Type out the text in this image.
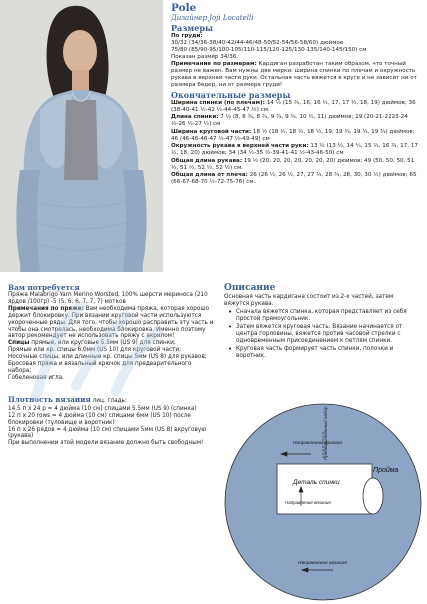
Pole
Дизайнер Joji Locatelli
Размеры

По груди:

30/32 (34/36-38/40-42/44-46/48-50/52-54/56-58/60) дюймов

75/80 (85/90-95/100-105/110-115/120-125/130-135/140-145/150) см

Показан размер 34/36.

Примечание по размерам: Кардиган разработан таким образом, что точный размер не важен. Вам нужны две мерки: ширина спинки по плечам и окружность рукава в верхней части руки. Остальная часть вяжется в круге и не зависит ни от размера бедер, ни от размера груди!

Окончательные размеры

Ширина спинки (по плечам): 14 ½ (15 ¾, 16, 16 ½, 17, 17 ½, 18, 19) дюймов; 36 (38-40-41 ½-42 ½-44-45-47 ½) см.

Длина спинки: 7 ½ (8, 8 ¾, 8 ¾, 9 ¾, 9 ¾, 10 ½, 11) дюймов; 19 (20-21-2223-24 ½-26 ½-27 ½) см

Ширина круговой части: 18 ½ (18 ½, 18 ½, 18 ½, 19, 19 ¾, 19 ¾, 19 ¾) дюймов; 46 (46-46-46-47 ½-47 ½-49-49) см

Окружность рукава в верхней части руки: 13 ½ (13 ½, 14 ¼, 15 ¾, 16 ¾, 17, 17 ½, 18, 20) дюймов; 34 (34 ½-35 ½-39-41-41 ½-43-46-50) см

Общая длина рукава: 19 ½ (20, 20, 20, 20, 20, 20, 20) дюймов; 49 (50, 50, 50, 51 ½, 51 ½, 52 ½, 52 ½) см.

Общая длина от плеча: 26 (26 ½, 26 ½, 27, 27 ¾, 28 ¾, 28, 30, 30 ½) дюймов; 65 (66-67-68-70 ½-72-75-76) см.

Вам потребуется

Пряжа Malabrigo Yarn Merino Worsted, 100% шерсти мериноса (210 ярдов /100гр) -5 (5, 6, 6, 7, 7, 7) мотков

Примечания по пряже: Вам необходима пряжа, которая хорошо держит блокировку. При вязании круговой части используются укороченные ряды. Для того, чтобы хорошо расправить эту часть и чтобы она смотрелась, необходима блокировка. Именно поэтому автор рекомендует не использовать пряжу с акрилом!

Спицы прямые, или круговые 5.5мм (US 9) для спинки;

Прямые или кр. спицы 6.0мм (US 10) для круговой части;

Носочные спицы, или длинные кр. спицы 5мм (US 8) для рукавов;

Бросовая пряжа и вязальный крючок для предварительного набора;

Гобеленовая игла.

Плотность вязания лиц. гладь:

14.5 п х 24 р = 4 дюйма (10 см) спицами 5.5мм (US 9) (спинка)

12 п х 20 rows = 4 дюйма (10 см) спицами 6мм (US 10) после блокировки (туловище и воротник)

16 п х 26 рядов = 4 дюйма (10 см) спицами 5мм (US 8) вкруговую (рукава)

При выполнении этой модели вязание должно быть свободным!

Описание

Основная часть кардигана состоит из 2-х частей, затем вяжутся рукава.

• Сначала вяжется спинка, которая представляет из себя простой прямоугольник.
• Затем вяжется круговая часть. Вязание начинается от центра горловины, вяжется против часовой стрелки с одновременным присоединением к петлям спинки.
• Круговая часть формирует часть спинки, полочки и воротник.
Направление вязания
Направление вязания
Направление вязания
Деталь спинки
Пройма
Предварительный набор
